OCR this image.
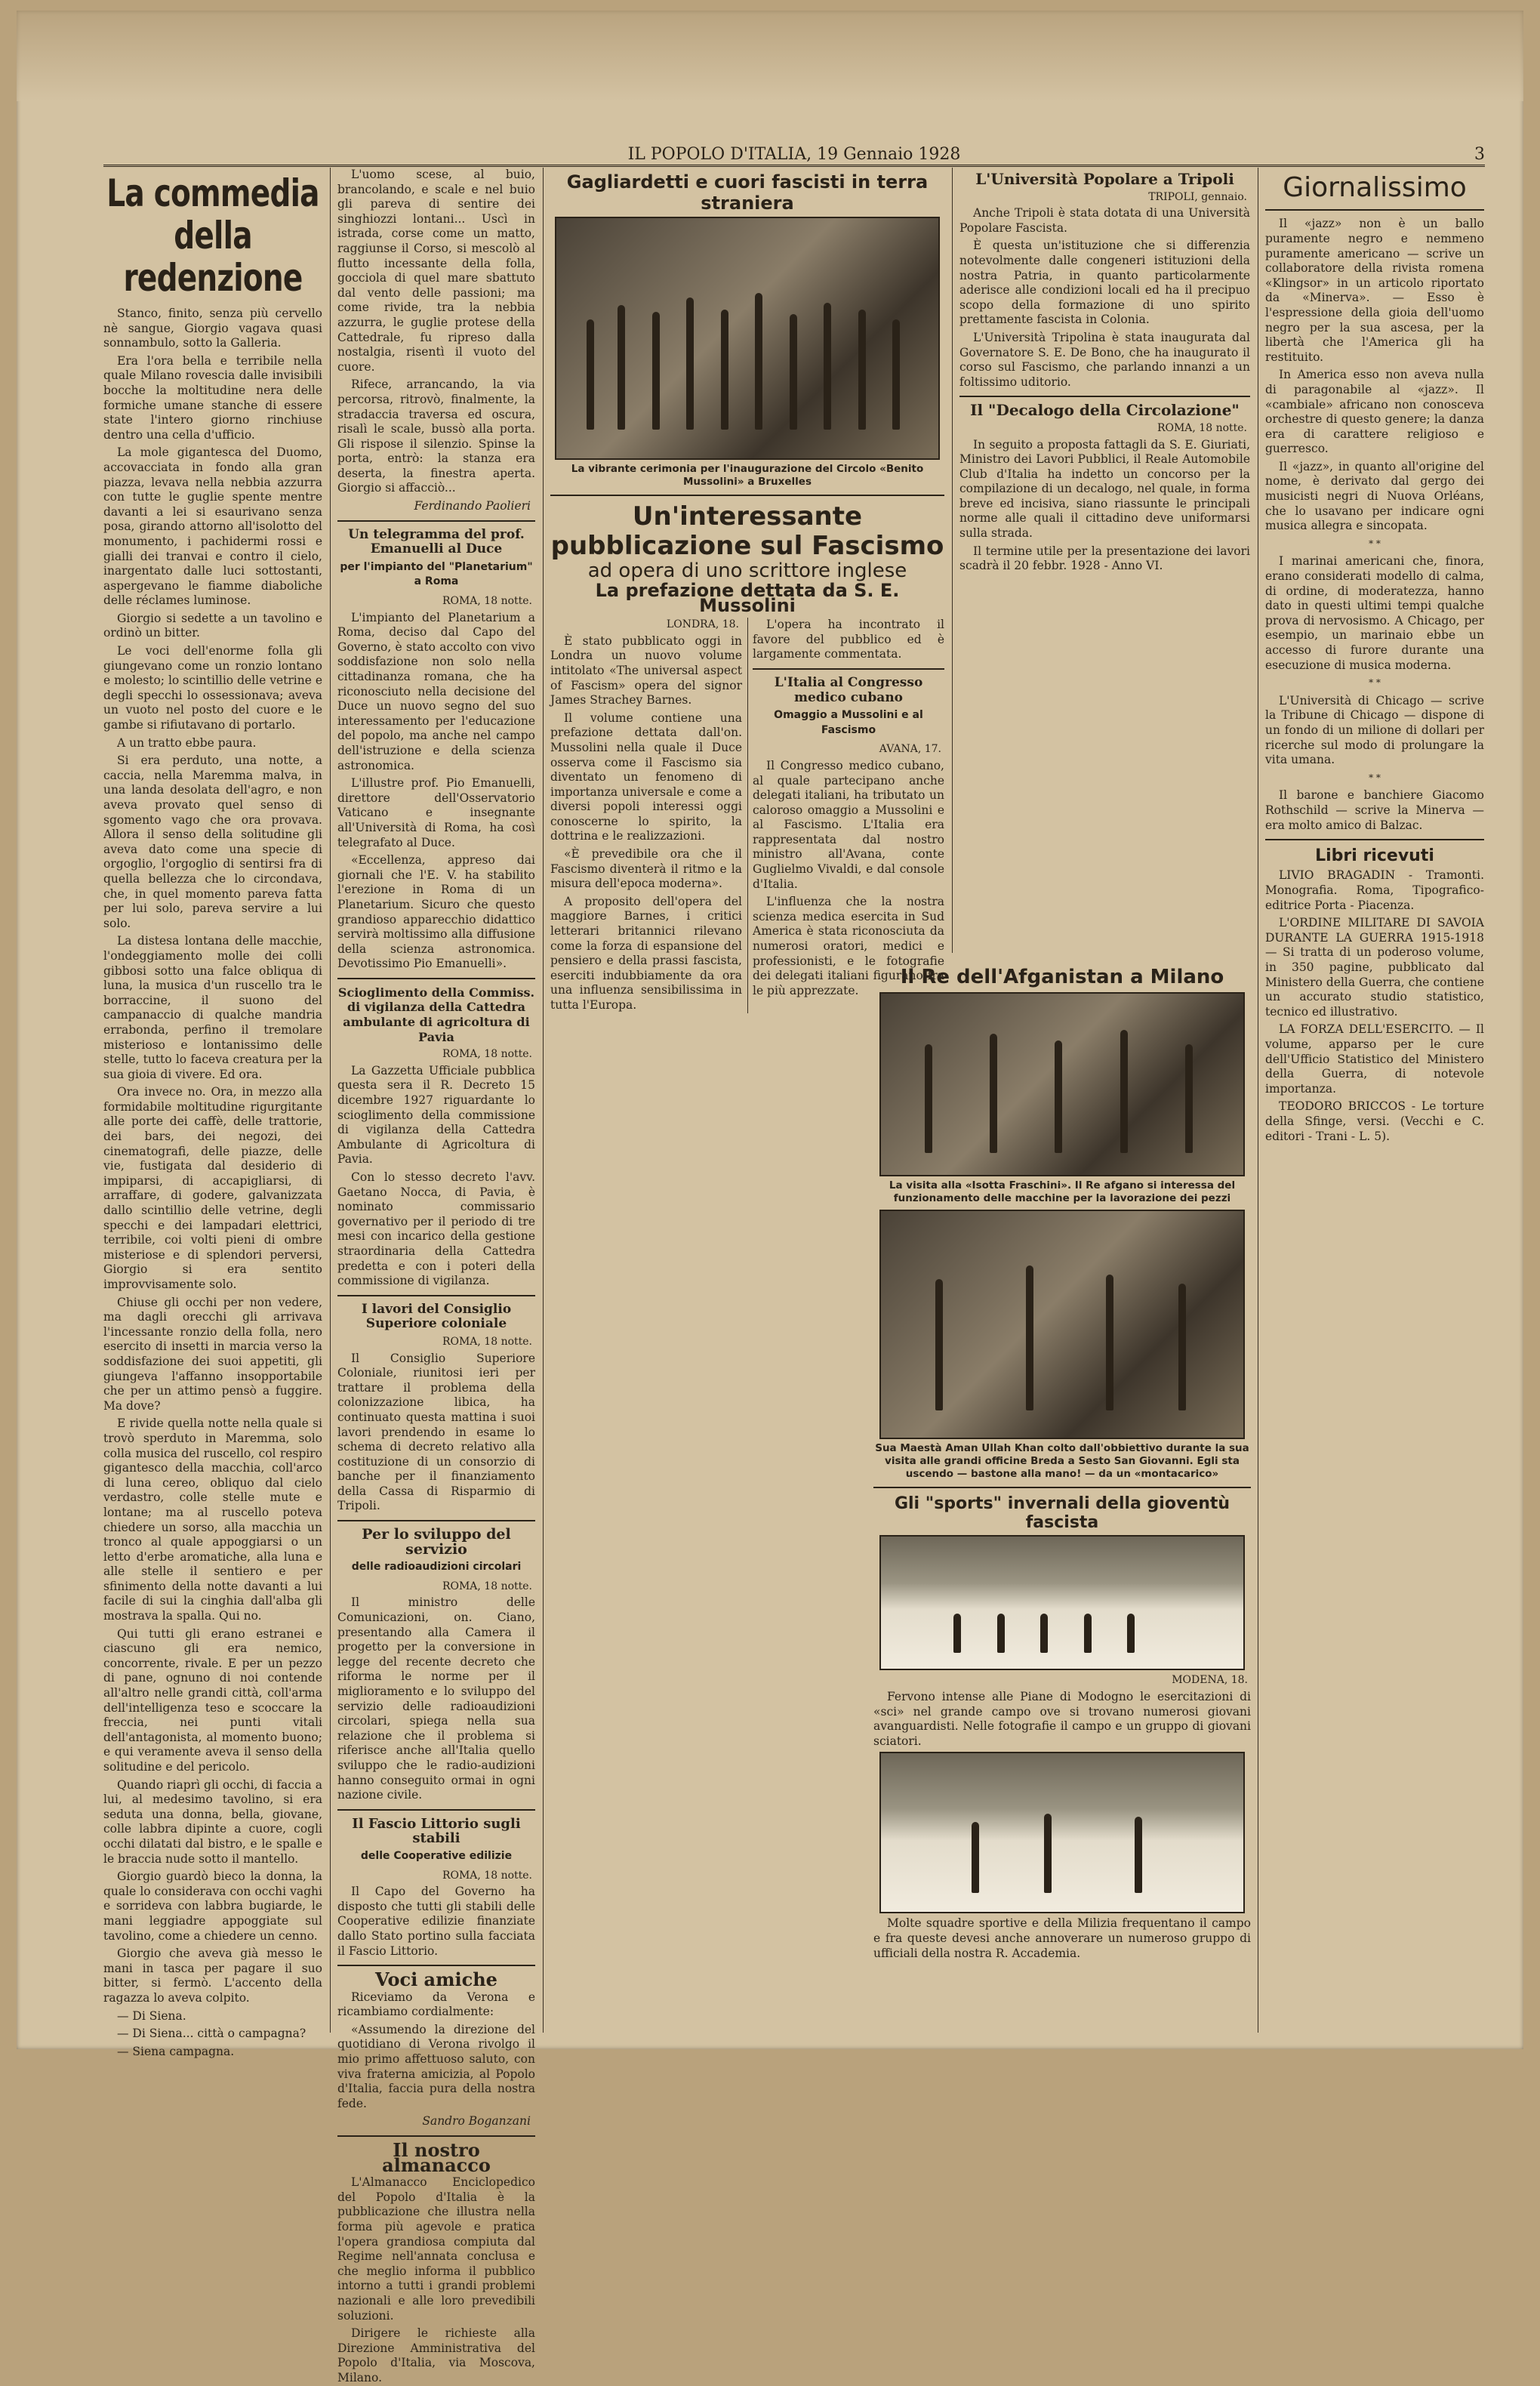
IL POPOLO D'ITALIA, 19 Gennaio 1928	3
La commedia della redenzione

Stanco, finito, senza più cervello nè sangue, Giorgio vagava quasi sonnambulo, sotto la Galleria.

Era l'ora bella e terribile nella quale Milano rovescia dalle invisibili bocche la moltitudine nera delle formiche umane stanche di essere state l'intero giorno rinchiuse dentro una cella d'ufficio.

La mole gigantesca del Duomo, accovacciata in fondo alla gran piazza, levava nella nebbia azzurra con tutte le guglie spente mentre davanti a lei si esaurivano senza posa, girando attorno all'isolotto del monumento, i pachidermi rossi e gialli dei tranvai e contro il cielo, inargentato dalle luci sottostanti, aspergevano le fiamme diaboliche delle réclames luminose.

Giorgio si sedette a un tavolino e ordinò un bitter.

Le voci dell'enorme folla gli giungevano come un ronzio lontano e molesto; lo scintillio delle vetrine e degli specchi lo ossessionava; aveva un vuoto nel posto del cuore e le gambe si rifiutavano di portarlo.

A un tratto ebbe paura.

Si era perduto, una notte, a caccia, nella Maremma malva, in una landa desolata dell'agro, e non aveva provato quel senso di sgomento vago che ora provava. Allora il senso della solitudine gli aveva dato come una specie di orgoglio, l'orgoglio di sentirsi fra di quella bellezza che lo circondava, che, in quel momento pareva fatta per lui solo, pareva servire a lui solo.

La distesa lontana delle macchie, l'ondeggiamento molle dei colli gibbosi sotto una falce obliqua di luna, la musica d'un ruscello tra le borraccine, il suono del campanaccio di qualche mandria errabonda, perfino il tremolare misterioso e lontanissimo delle stelle, tutto lo faceva creatura per la sua gioia di vivere. Ed ora.

Ora invece no. Ora, in mezzo alla formidabile moltitudine rigurgitante alle porte dei caffè, delle trattorie, dei bars, dei negozi, dei cinematografi, delle piazze, delle vie, fustigata dal desiderio di impiparsi, di accapigliarsi, di arraffare, di godere, galvanizzata dallo scintillio delle vetrine, degli specchi e dei lampadari elettrici, terribile, coi volti pieni di ombre misteriose e di splendori perversi, Giorgio si era sentito improvvisamente solo.

Chiuse gli occhi per non vedere, ma dagli orecchi gli arrivava l'incessante ronzio della folla, nero esercito di insetti in marcia verso la soddisfazione dei suoi appetiti, gli giungeva l'affanno insopportabile che per un attimo pensò a fuggire. Ma dove?

E rivide quella notte nella quale si trovò sperduto in Maremma, solo colla musica del ruscello, col respiro gigantesco della macchia, coll'arco di luna cereo, obliquo dal cielo verdastro, colle stelle mute e lontane; ma al ruscello poteva chiedere un sorso, alla macchia un tronco al quale appoggiarsi o un letto d'erbe aromatiche, alla luna e alle stelle il sentiero e per sfinimento della notte davanti a lui facile di sui la cinghia dall'alba gli mostrava la spalla. Qui no.

Qui tutti gli erano estranei e ciascuno gli era nemico, concorrente, rivale. E per un pezzo di pane, ognuno di noi contende all'altro nelle grandi città, coll'arma dell'intelligenza teso e scoccare la freccia, nei punti vitali dell'antagonista, al momento buono; e qui veramente aveva il senso della solitudine e del pericolo.

Quando riaprì gli occhi, di faccia a lui, al medesimo tavolino, si era seduta una donna, bella, giovane, colle labbra dipinte a cuore, cogli occhi dilatati dal bistro, e le spalle e le braccia nude sotto il mantello.

Giorgio guardò bieco la donna, la quale lo considerava con occhi vaghi e sorrideva con labbra bugiarde, le mani leggiadre appoggiate sul tavolino, come a chiedere un cenno.

Giorgio che aveva già messo le mani in tasca per pagare il suo bitter, si fermò. L'accento della ragazza lo aveva colpito.

— Di Siena.

— Di Siena... città o campagna?

— Siena campagna.

L'uomo scese, al buio, brancolando, e scale e nel buio gli pareva di sentire dei singhiozzi lontani... Uscì in istrada, corse come un matto, raggiunse il Corso, si mescolò al flutto incessante della folla, gocciola di quel mare sbattuto dal vento delle passioni; ma come rivide, tra la nebbia azzurra, le guglie protese della Cattedrale, fu ripreso dalla nostalgia, risentì il vuoto del cuore.

Rifece, arrancando, la via percorsa, ritrovò, finalmente, la stradaccia traversa ed oscura, risalì le scale, bussò alla porta. Gli rispose il silenzio. Spinse la porta, entrò: la stanza era deserta, la finestra aperta. Giorgio si affacciò...

Ferdinando Paolieri
Un telegramma del prof. Emanuelli al Duce
per l'impianto del "Planetarium" a Roma
ROMA, 18 notte.

L'impianto del Planetarium a Roma, deciso dal Capo del Governo, è stato accolto con vivo soddisfazione non solo nella cittadinanza romana, che ha riconosciuto nella decisione del Duce un nuovo segno del suo interessamento per l'educazione del popolo, ma anche nel campo dell'istruzione e della scienza astronomica.

L'illustre prof. Pio Emanuelli, direttore dell'Osservatorio Vaticano e insegnante all'Università di Roma, ha così telegrafato al Duce.

«Eccellenza, appreso dai giornali che l'E. V. ha stabilito l'erezione in Roma di un Planetarium. Sicuro che questo grandioso apparecchio didattico servirà moltissimo alla diffusione della scienza astronomica. Devotissimo Pio Emanuelli».

Scioglimento della Commiss. di vigilanza della Cattedra ambulante di agricoltura di Pavia
ROMA, 18 notte.

La Gazzetta Ufficiale pubblica questa sera il R. Decreto 15 dicembre 1927 riguardante lo scioglimento della commissione di vigilanza della Cattedra Ambulante di Agricoltura di Pavia.

Con lo stesso decreto l'avv. Gaetano Nocca, di Pavia, è nominato commissario governativo per il periodo di tre mesi con incarico della gestione straordinaria della Cattedra predetta e con i poteri della commissione di vigilanza.

I lavori del Consiglio Superiore coloniale
ROMA, 18 notte.

Il Consiglio Superiore Coloniale, riunitosi ieri per trattare il problema della colonizzazione libica, ha continuato questa mattina i suoi lavori prendendo in esame lo schema di decreto relativo alla costituzione di un consorzio di banche per il finanziamento della Cassa di Risparmio di Tripoli.

Per lo sviluppo del servizio
delle radioaudizioni circolari
ROMA, 18 notte.

Il ministro delle Comunicazioni, on. Ciano, presentando alla Camera il progetto per la conversione in legge del recente decreto che riforma le norme per il miglioramento e lo sviluppo del servizio delle radioaudizioni circolari, spiega nella sua relazione che il problema si riferisce anche all'Italia quello sviluppo che le radio-audizioni hanno conseguito ormai in ogni nazione civile.

Il Fascio Littorio sugli stabili
delle Cooperative edilizie
ROMA, 18 notte.

Il Capo del Governo ha disposto che tutti gli stabili delle Cooperative edilizie finanziate dallo Stato portino sulla facciata il Fascio Littorio.

Voci amiche

Riceviamo da Verona e ricambiamo cordialmente:

«Assumendo la direzione del quotidiano di Verona rivolgo il mio primo affettuoso saluto, con viva fraterna amicizia, al Popolo d'Italia, faccia pura della nostra fede.

Sandro Boganzani
Il nostro almanacco

L'Almanacco Enciclopedico del Popolo d'Italia è la pubblicazione che illustra nella forma più agevole e pratica l'opera grandiosa compiuta dal Regime nell'annata conclusa e che meglio informa il pubblico intorno a tutti i grandi problemi nazionali e alle loro prevedibili soluzioni.

Dirigere le richieste alla Direzione Amministrativa del Popolo d'Italia, via Moscova, Milano.

Gagliardetti e cuori fascisti in terra straniera
La vibrante cerimonia per l'inaugurazione del Circolo «Benito Mussolini» a Bruxelles
Un'interessante pubblicazione sul Fascismo
ad opera di uno scrittore inglese
La prefazione dettata da S. E. Mussolini
LONDRA, 18.

È stato pubblicato oggi in Londra un nuovo volume intitolato «The universal aspect of Fascism» opera del signor James Strachey Barnes.

Il volume contiene una prefazione dettata dall'on. Mussolini nella quale il Duce osserva come il Fascismo sia diventato un fenomeno di importanza universale e come a diversi popoli interessi oggi conoscerne lo spirito, la dottrina e le realizzazioni.

«È prevedibile ora che il Fascismo diventerà il ritmo e la misura dell'epoca moderna».

A proposito dell'opera del maggiore Barnes, i critici letterari britannici rilevano come la forza di espansione del pensiero e della prassi fascista, eserciti indubbiamente da ora una influenza sensibilissima in tutta l'Europa.

L'opera ha incontrato il favore del pubblico ed è largamente commentata.

L'Italia al Congresso medico cubano
Omaggio a Mussolini e al Fascismo
AVANA, 17.

Il Congresso medico cubano, al quale partecipano anche delegati italiani, ha tributato un caloroso omaggio a Mussolini e al Fascismo. L'Italia era rappresentata dal nostro ministro all'Avana, conte Guglielmo Vivaldi, e dal console d'Italia.

L'influenza che la nostra scienza medica esercita in Sud America è stata riconosciuta da numerosi oratori, medici e professionisti, e le fotografie dei delegati italiani figurano fra le più apprezzate.

L'Università Popolare a Tripoli
TRIPOLI, gennaio.

Anche Tripoli è stata dotata di una Università Popolare Fascista.

È questa un'istituzione che si differenzia notevolmente dalle congeneri istituzioni della nostra Patria, in quanto particolarmente aderisce alle condizioni locali ed ha il precipuo scopo della formazione di uno spirito prettamente fascista in Colonia.

L'Università Tripolina è stata inaugurata dal Governatore S. E. De Bono, che ha inaugurato il corso sul Fascismo, che parlando innanzi a un foltissimo uditorio.

Il "Decalogo della Circolazione"
ROMA, 18 notte.

In seguito a proposta fattagli da S. E. Giuriati, Ministro dei Lavori Pubblici, il Reale Automobile Club d'Italia ha indetto un concorso per la compilazione di un decalogo, nel quale, in forma breve ed incisiva, siano riassunte le principali norme alle quali il cittadino deve uniformarsi sulla strada.

Il termine utile per la presentazione dei lavori scadrà il 20 febbr. 1928 - Anno VI.

Il Re dell'Afganistan a Milano
La visita alla «Isotta Fraschini». Il Re afgano si interessa del funzionamento delle macchine per la lavorazione dei pezzi
Sua Maestà Aman Ullah Khan colto dall'obbiettivo durante la sua visita alle grandi officine Breda a Sesto San Giovanni. Egli sta uscendo — bastone alla mano! — da un «montacarico»
Gli "sports" invernali della gioventù fascista
MODENA, 18.

Fervono intense alle Piane di Modogno le esercitazioni di «sci» nel grande campo ove si trovano numerosi giovani avanguardisti. Nelle fotografie il campo e un gruppo di giovani sciatori.

Molte squadre sportive e della Milizia frequentano il campo e fra queste devesi anche annoverare un numeroso gruppo di ufficiali della nostra R. Accademia.

Giornalissimo

Il «jazz» non è un ballo puramente negro e nemmeno puramente americano — scrive un collaboratore della rivista romena «Klingsor» in un articolo riportato da «Minerva». — Esso è l'espressione della gioia dell'uomo negro per la sua ascesa, per la libertà che l'America gli ha restituito.

In America esso non aveva nulla di paragonabile al «jazz». Il «cambiale» africano non conosceva orchestre di questo genere; la danza era di carattere religioso e guerresco.

Il «jazz», in quanto all'origine del nome, è derivato dal gergo dei musicisti negri di Nuova Orléans, che lo usavano per indicare ogni musica allegra e sincopata.

* *

I marinai americani che, finora, erano considerati modello di calma, di ordine, di moderatezza, hanno dato in questi ultimi tempi qualche prova di nervosismo. A Chicago, per esempio, un marinaio ebbe un accesso di furore durante una esecuzione di musica moderna.

* *

L'Università di Chicago — scrive la Tribune di Chicago — dispone di un fondo di un milione di dollari per ricerche sul modo di prolungare la vita umana.

* *

Il barone e banchiere Giacomo Rothschild — scrive la Minerva — era molto amico di Balzac.

Libri ricevuti

LIVIO BRAGADIN - Tramonti. Monografia. Roma, Tipografico-editrice Porta - Piacenza.

L'ORDINE MILITARE DI SAVOIA DURANTE LA GUERRA 1915-1918 — Si tratta di un poderoso volume, in 350 pagine, pubblicato dal Ministero della Guerra, che contiene un accurato studio statistico, tecnico ed illustrativo.

LA FORZA DELL'ESERCITO. — Il volume, apparso per le cure dell'Ufficio Statistico del Ministero della Guerra, di notevole importanza.

TEODORO BRICCOS - Le torture della Sfinge, versi. (Vecchi e C. editori - Trani - L. 5).
